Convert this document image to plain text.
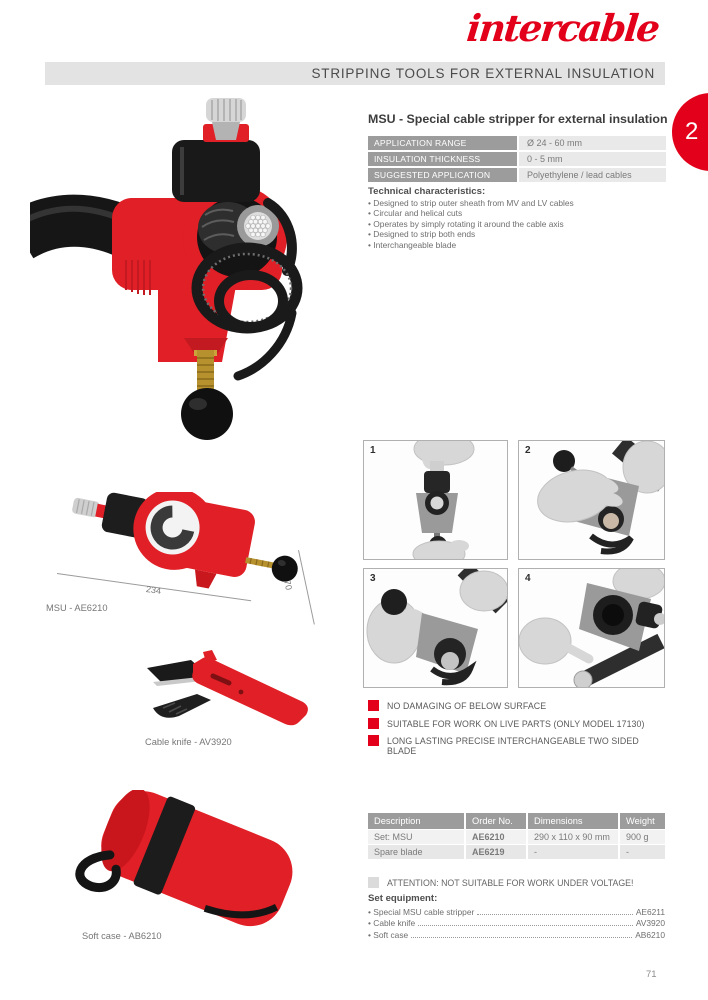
intercable
STRIPPING TOOLS FOR EXTERNAL INSULATION
2
MSU - Special cable stripper for external insulation
APPLICATION RANGE	Ø 24 - 60 mm
INSULATION THICKNESS	0 - 5 mm
SUGGESTED APPLICATION	Polyethylene / lead cables
Technical characteristics:
• Designed to strip outer sheath from MV and LV cables
• Circular and helical cuts
• Operates by simply rotating it around the cable axis
• Designed to strip both ends
• Interchangeable blade
1	2
3	4
NO DAMAGING OF BELOW SURFACE
SUITABLE FOR WORK ON LIVE PARTS (ONLY MODEL 17130)
LONG LASTING PRECISE INTERCHANGEABLE TWO SIDED BLADE
234	70
MSU - AE6210
Cable knife - AV3920
Soft case - AB6210
Description	Order No.	Dimensions	Weight
Set: MSU	AE6210	290 x 110 x 90 mm	900 g
Spare blade	AE6219	-	-
ATTENTION: NOT SUITABLE FOR WORK UNDER VOLTAGE!
Set equipment:
• Special MSU cable stripper	AE6211
• Cable knife	AV3920
• Soft case	AB6210
71
